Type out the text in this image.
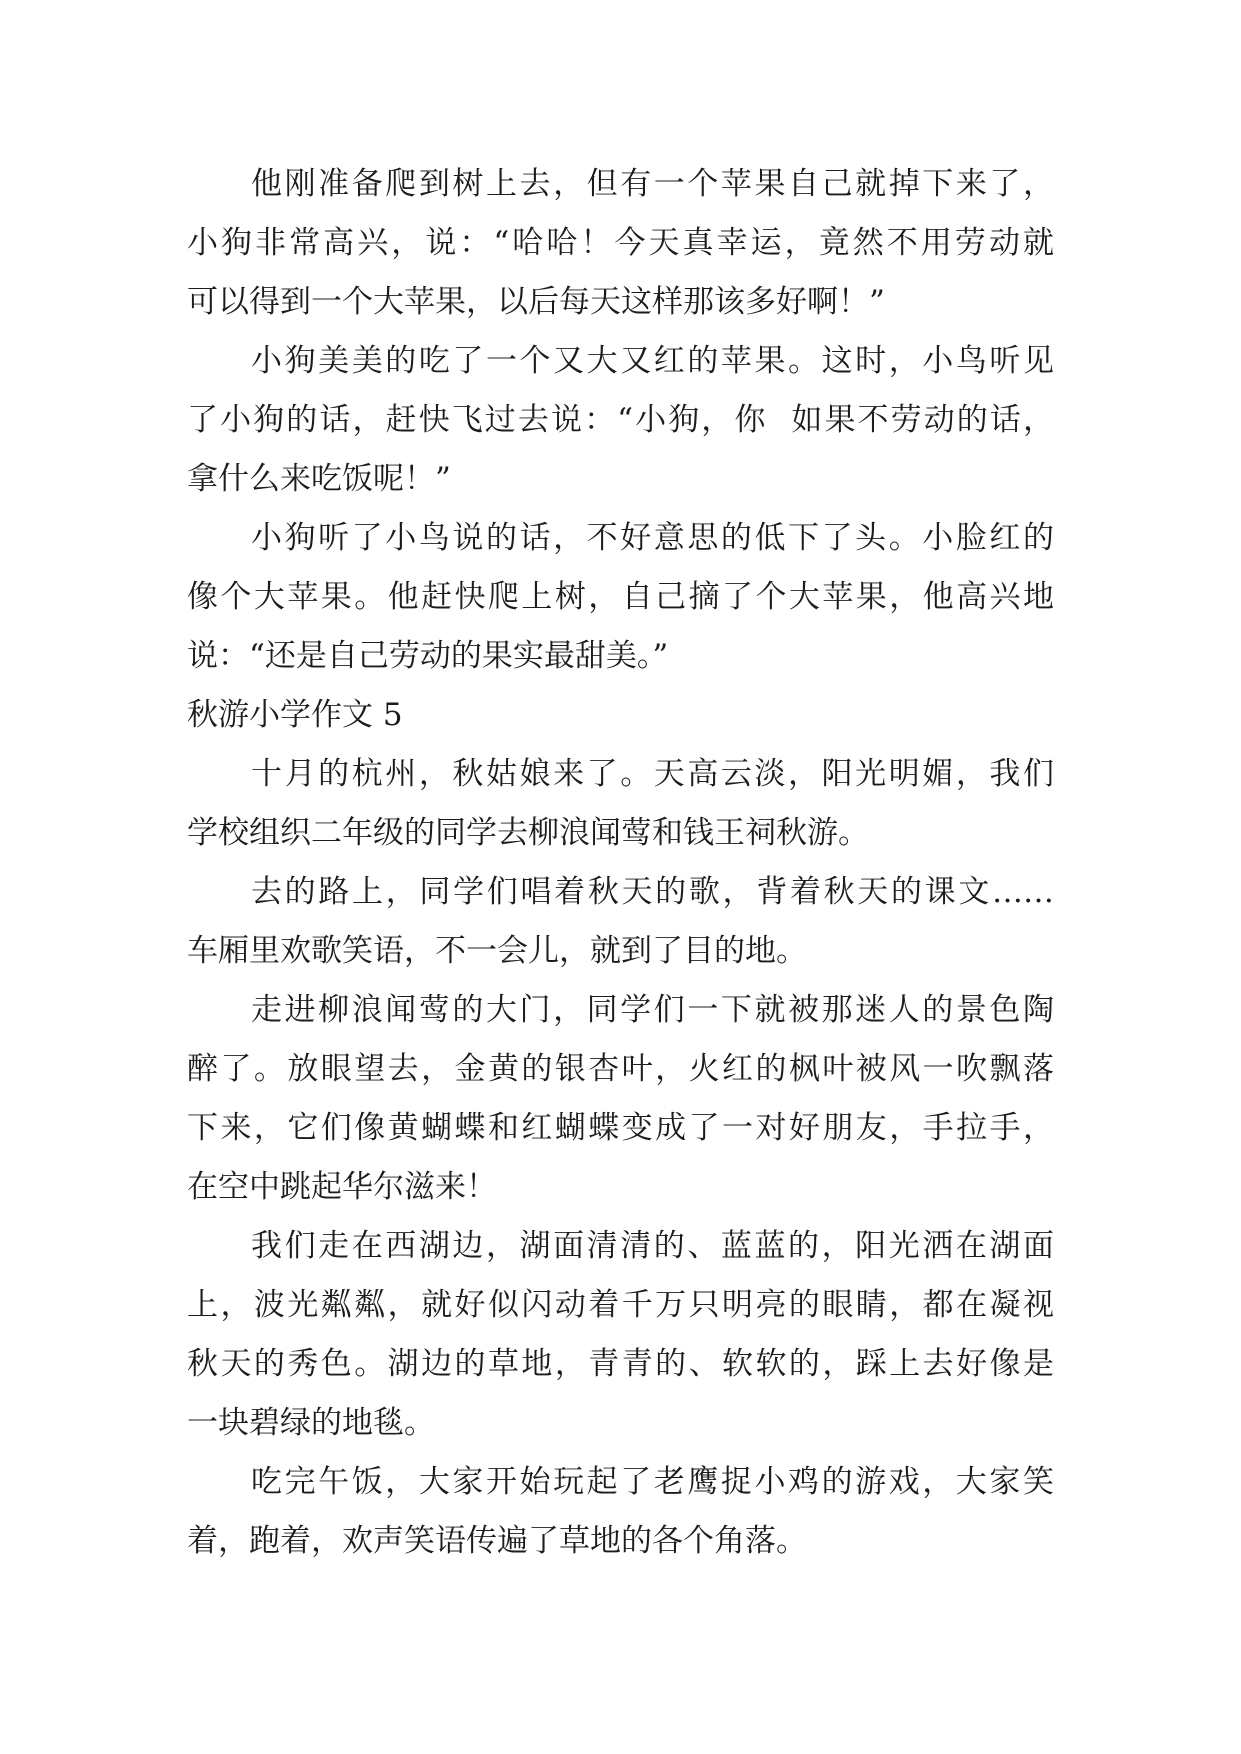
他刚准备爬到树上去，但有一个苹果自己就掉下来了，
小狗非常高兴，说：“哈哈！今天真幸运，竟然不用劳动就
可以得到一个大苹果，以后每天这样那该多好啊！”
小狗美美的吃了一个又大又红的苹果。这时，小鸟听见
了小狗的话，赶快飞过去说：“小狗，你  如果不劳动的话，
拿什么来吃饭呢！”
小狗听了小鸟说的话，不好意思的低下了头。小脸红的
像个大苹果。他赶快爬上树，自己摘了个大苹果，他高兴地
说：“还是自己劳动的果实最甜美。”
秋游小学作文 5
十月的杭州，秋姑娘来了。天高云淡，阳光明媚，我们
学校组织二年级的同学去柳浪闻莺和钱王祠秋游。
去的路上，同学们唱着秋天的歌，背着秋天的课文……
车厢里欢歌笑语，不一会儿，就到了目的地。
走进柳浪闻莺的大门，同学们一下就被那迷人的景色陶
醉了。放眼望去，金黄的银杏叶，火红的枫叶被风一吹飘落
下来，它们像黄蝴蝶和红蝴蝶变成了一对好朋友，手拉手，
在空中跳起华尔滋来！
我们走在西湖边，湖面清清的、蓝蓝的，阳光洒在湖面
上，波光粼粼，就好似闪动着千万只明亮的眼睛，都在凝视
秋天的秀色。湖边的草地，青青的、软软的，踩上去好像是
一块碧绿的地毯。
吃完午饭，大家开始玩起了老鹰捉小鸡的游戏，大家笑
着，跑着，欢声笑语传遍了草地的各个角落。
